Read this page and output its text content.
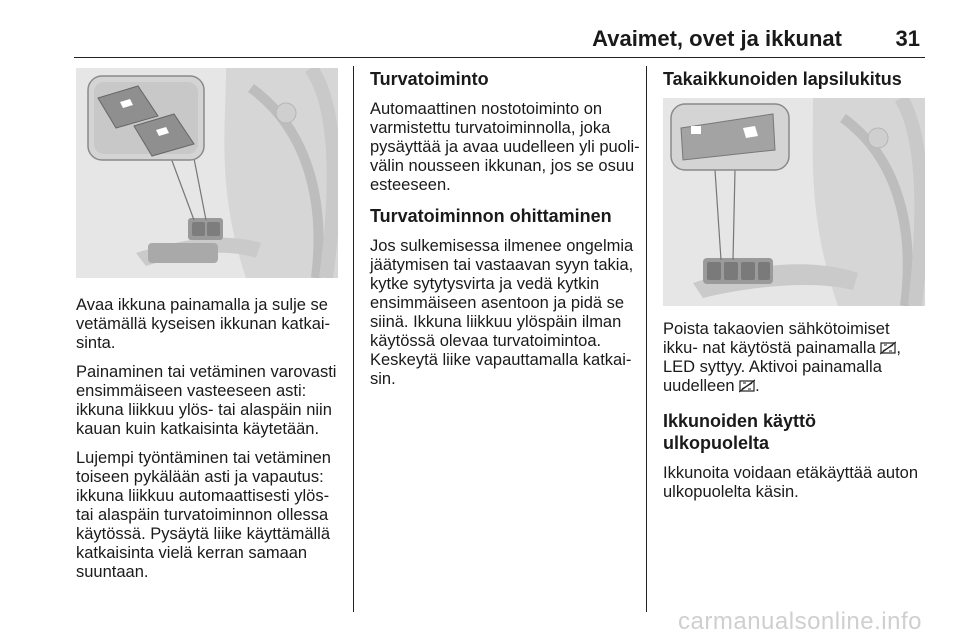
Avaimet, ovet ja ikkunat 31

Avaa ikkuna painamalla ja sulje se vetämällä kyseisen ikkunan katkai- sinta.

Painaminen tai vetäminen varovasti ensimmäiseen vasteeseen asti: ikkuna liikkuu ylös- tai alaspäin niin kauan kuin katkaisinta käytetään.

Lujempi työntäminen tai vetäminen toiseen pykälään asti ja vapautus: ikkuna liikkuu automaattisesti ylös- tai alaspäin turvatoiminnon ollessa käytössä. Pysäytä liike käyttämällä katkaisinta vielä kerran samaan suuntaan.

Turvatoiminto

Automaattinen nostotoiminto on varmistettu turvatoiminnolla, joka pysäyttää ja avaa uudelleen yli puoli- välin nousseen ikkunan, jos se osuu esteeseen.

Turvatoiminnon ohittaminen

Jos sulkemisessa ilmenee ongelmia jäätymisen tai vastaavan syyn takia, kytke sytytysvirta ja vedä kytkin ensimmäiseen asentoon ja pidä se siinä. Ikkuna liikkuu ylöspäin ilman käytössä olevaa turvatoimintoa. Keskeytä liike vapauttamalla katkai- sin.

Takaikkunoiden lapsilukitus

Poista takaovien sähkötoimiset ikku- nat käytöstä painamalla , LED syttyy. Aktivoi painamalla uudelleen .

Ikkunoiden käyttö ulkopuolelta

Ikkunoita voidaan etäkäyttää auton ulkopuolelta käsin.

carmanualsonline.info
